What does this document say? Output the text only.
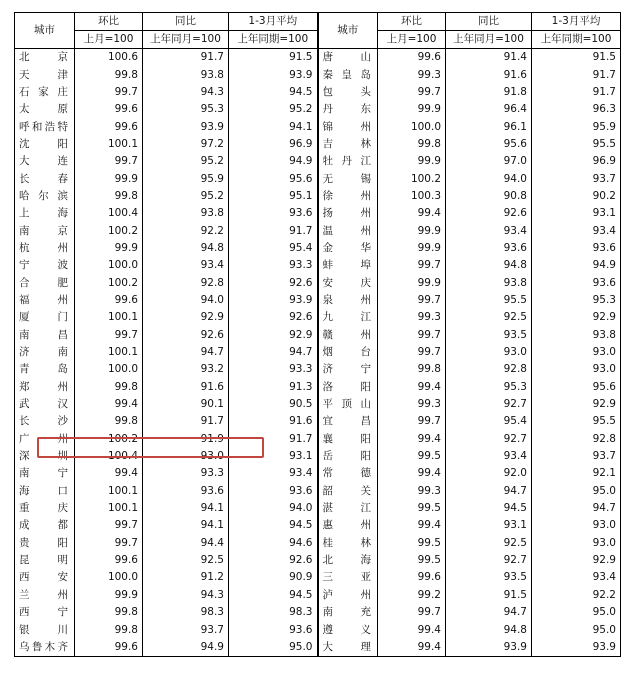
城市	环比	同比	1-3月平均	城市	环比	同比	1-3月平均
	上月=100	上年同月=100	上年同期=100		上月=100	上年同月=100	上年同期=100
北京	100.6	91.7	91.5	唐山	99.6	91.4	91.5
天津	99.8	93.8	93.9	秦皇岛	99.3	91.6	91.7
石家庄	99.7	94.3	94.5	包头	99.7	91.8	91.7
太原	99.6	95.3	95.2	丹东	99.9	96.4	96.3
呼和浩特	99.6	93.9	94.1	锦州	100.0	96.1	95.9
沈阳	100.1	97.2	96.9	吉林	99.8	95.6	95.5
大连	99.7	95.2	94.9	牡丹江	99.9	97.0	96.9
长春	99.9	95.9	95.6	无锡	100.2	94.0	93.7
哈尔滨	99.8	95.2	95.1	徐州	100.3	90.8	90.2
上海	100.4	93.8	93.6	扬州	99.4	92.6	93.1
南京	100.2	92.2	91.7	温州	99.9	93.4	93.4
杭州	99.9	94.8	95.4	金华	99.9	93.6	93.6
宁波	100.0	93.4	93.3	蚌埠	99.7	94.8	94.9
合肥	100.2	92.8	92.6	安庆	99.9	93.8	93.6
福州	99.6	94.0	93.9	泉州	99.7	95.5	95.3
厦门	100.1	92.9	92.6	九江	99.3	92.5	92.9
南昌	99.7	92.6	92.9	赣州	99.7	93.5	93.8
济南	100.1	94.7	94.7	烟台	99.7	93.0	93.0
青岛	100.0	93.2	93.3	济宁	99.8	92.8	93.0
郑州	99.8	91.6	91.3	洛阳	99.4	95.3	95.6
武汉	99.4	90.1	90.5	平顶山	99.3	92.7	92.9
长沙	99.8	91.7	91.6	宜昌	99.7	95.4	95.5
广州	100.2	91.9	91.7	襄阳	99.4	92.7	92.8
深圳	100.4	93.0	93.1	岳阳	99.5	93.4	93.7
南宁	99.4	93.3	93.4	常德	99.4	92.0	92.1
海口	100.1	93.6	93.6	韶关	99.3	94.7	95.0
重庆	100.1	94.1	94.0	湛江	99.5	94.5	94.7
成都	99.7	94.1	94.5	惠州	99.4	93.1	93.0
贵阳	99.7	94.4	94.6	桂林	99.5	92.5	93.0
昆明	99.6	92.5	92.6	北海	99.5	92.7	92.9
西安	100.0	91.2	90.9	三亚	99.6	93.5	93.4
兰州	99.9	94.3	94.5	泸州	99.2	91.5	92.2
西宁	99.8	98.3	98.3	南充	99.7	94.7	95.0
银川	99.8	93.7	93.6	遵义	99.4	94.8	95.0
乌鲁木齐	99.6	94.9	95.0	大理	99.4	93.9	93.9
